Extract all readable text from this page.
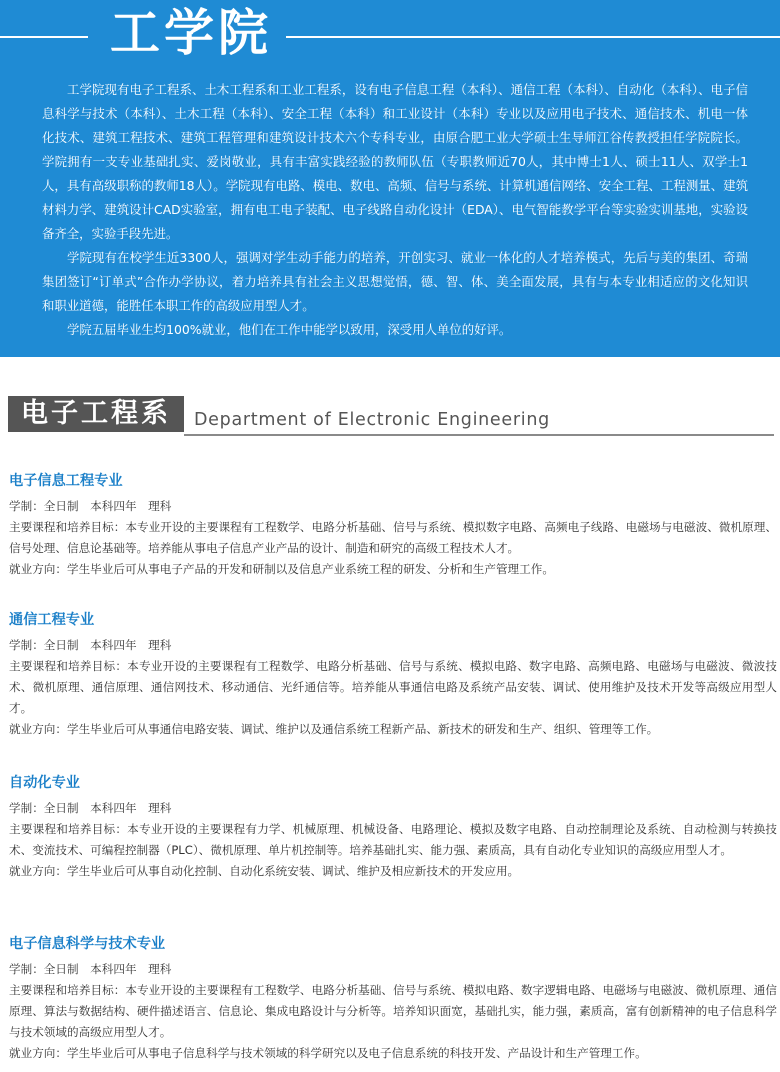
工学院

工学院现有电子工程系、土木工程系和工业工程系，设有电子信息工程（本科）、通信工程（本科）、自动化（本科）、电子信息科学与技术（本科）、土木工程（本科）、安全工程（本科）和工业设计（本科）专业以及应用电子技术、通信技术、机电一体化技术、建筑工程技术、建筑工程管理和建筑设计技术六个专科专业，由原合肥工业大学硕士生导师江谷传教授担任学院院长。学院拥有一支专业基础扎实、爱岗敬业，具有丰富实践经验的教师队伍（专职教师近70人，其中博士1人、硕士11人、双学士1人，具有高级职称的教师18人）。学院现有电路、模电、数电、高频、信号与系统、计算机通信网络、安全工程、工程测量、建筑材料力学、建筑设计CAD实验室，拥有电工电子装配、电子线路自动化设计（EDA）、电气智能教学平台等实验实训基地，实验设备齐全，实验手段先进。

学院现有在校学生近3300人，强调对学生动手能力的培养，开创实习、就业一体化的人才培养模式，先后与美的集团、奇瑞集团签订“订单式”合作办学协议，着力培养具有社会主义思想觉悟，德、智、体、美全面发展，具有与本专业相适应的文化知识和职业道德，能胜任本职工作的高级应用型人才。

学院五届毕业生均100%就业，他们在工作中能学以致用，深受用人单位的好评。

电子工程系	Department of Electronic Engineering
电子信息工程专业
学制：全日制　本科四年　理科
主要课程和培养目标：本专业开设的主要课程有工程数学、电路分析基础、信号与系统、模拟数字电路、高频电子线路、电磁场与电磁波、微机原理、信号处理、信息论基础等。培养能从事电子信息产业产品的设计、制造和研究的高级工程技术人才。
就业方向：学生毕业后可从事电子产品的开发和研制以及信息产业系统工程的研发、分析和生产管理工作。
通信工程专业
学制：全日制　本科四年　理科
主要课程和培养目标：本专业开设的主要课程有工程数学、电路分析基础、信号与系统、模拟电路、数字电路、高频电路、电磁场与电磁波、微波技术、微机原理、通信原理、通信网技术、移动通信、光纤通信等。培养能从事通信电路及系统产品安装、调试、使用维护及技术开发等高级应用型人才。
就业方向：学生毕业后可从事通信电路安装、调试、维护以及通信系统工程新产品、新技术的研发和生产、组织、管理等工作。
自动化专业
学制：全日制　本科四年　理科
主要课程和培养目标：本专业开设的主要课程有力学、机械原理、机械设备、电路理论、模拟及数字电路、自动控制理论及系统、自动检测与转换技术、变流技术、可编程控制器（PLC）、微机原理、单片机控制等。培养基础扎实、能力强、素质高，具有自动化专业知识的高级应用型人才。
就业方向：学生毕业后可从事自动化控制、自动化系统安装、调试、维护及相应新技术的开发应用。
电子信息科学与技术专业
学制：全日制　本科四年　理科
主要课程和培养目标：本专业开设的主要课程有工程数学、电路分析基础、信号与系统、模拟电路、数字逻辑电路、电磁场与电磁波、微机原理、通信原理、算法与数据结构、硬件描述语言、信息论、集成电路设计与分析等。培养知识面宽，基础扎实，能力强，素质高，富有创新精神的电子信息科学与技术领域的高级应用型人才。
就业方向：学生毕业后可从事电子信息科学与技术领域的科学研究以及电子信息系统的科技开发、产品设计和生产管理工作。
